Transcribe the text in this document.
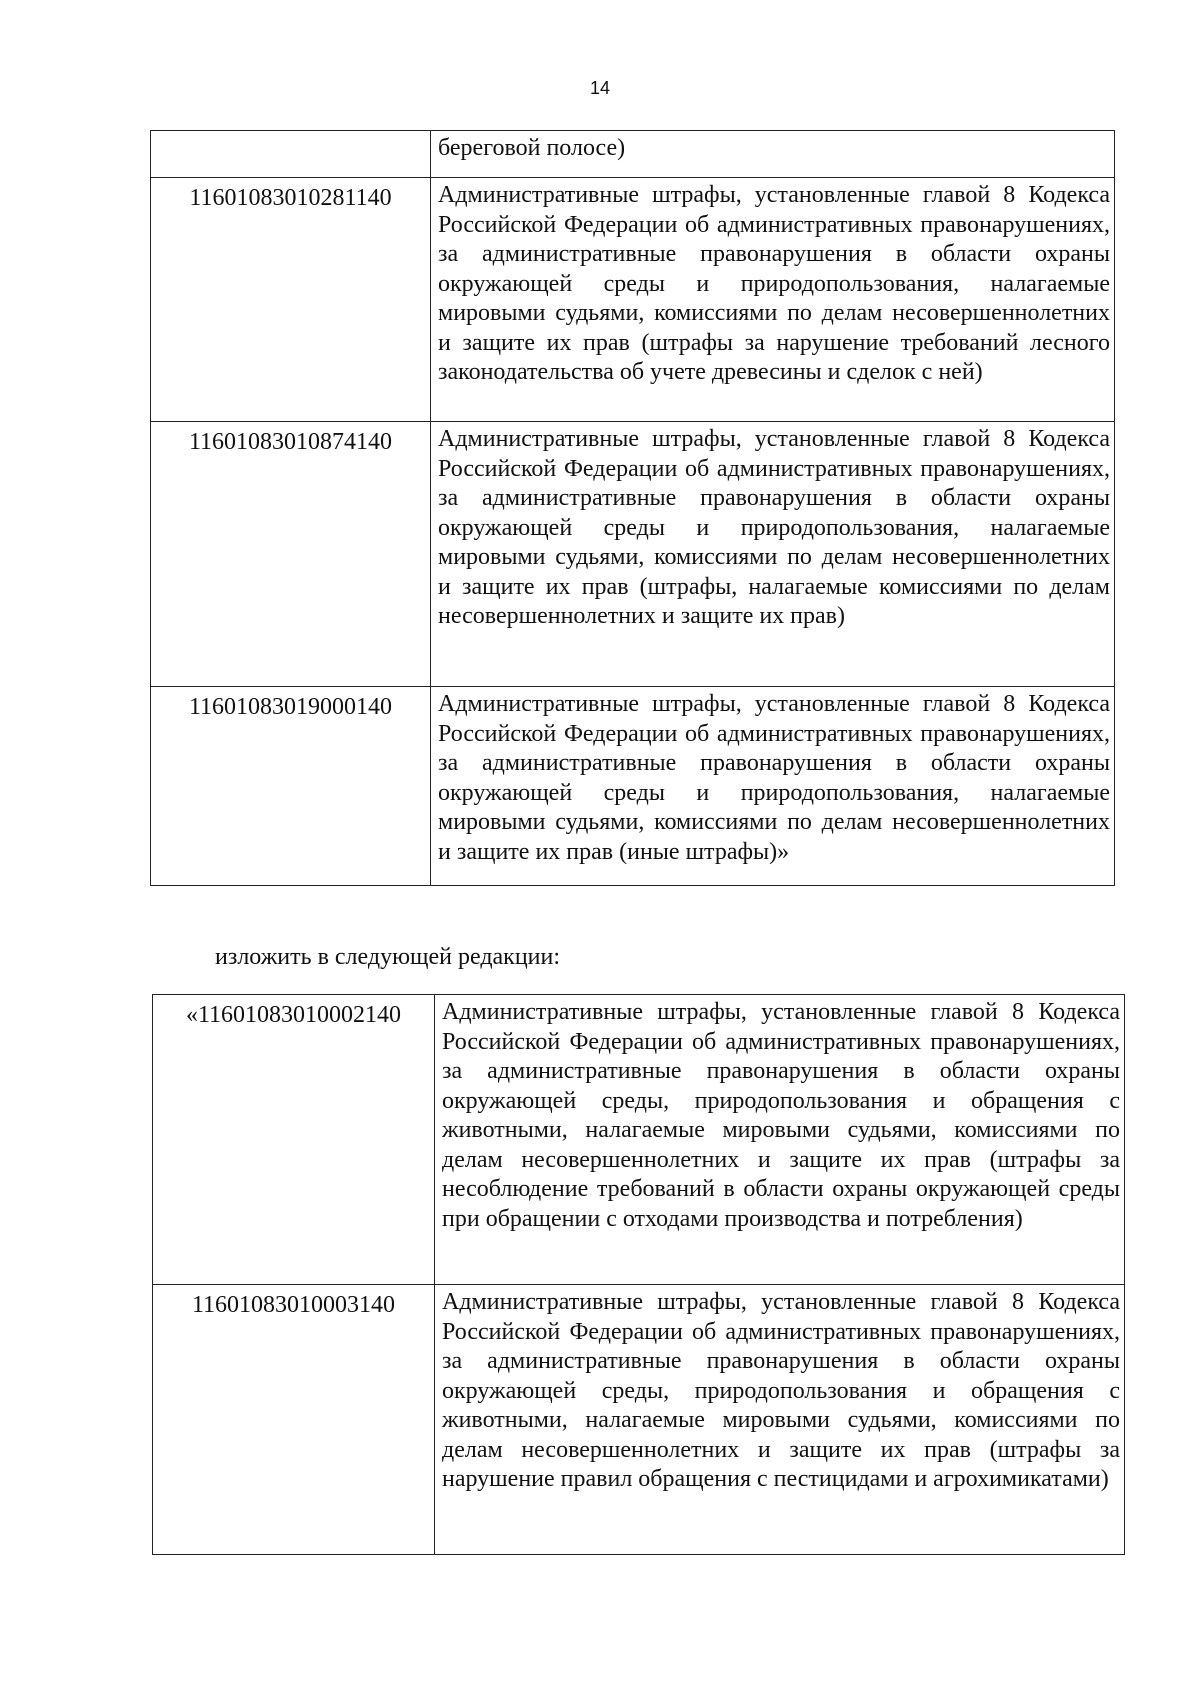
14
	береговой полосе)
11601083010281140	Административные штрафы, установленные главой 8 Кодекса Российской Федерации об административных правонарушениях, за административные правонарушения в области охраны окружающей среды и природопользования, налагаемые мировыми судьями, комиссиями по делам несовершеннолетних и защите их прав (штрафы за нарушение требований лесного законодательства об учете древесины и сделок с ней)
11601083010874140	Административные штрафы, установленные главой 8 Кодекса Российской Федерации об административных правонарушениях, за административные правонарушения в области охраны окружающей среды и природопользования, налагаемые мировыми судьями, комиссиями по делам несовершеннолетних и защите их прав (штрафы, налагаемые комиссиями по делам несовершеннолетних и защите их прав)
11601083019000140	Административные штрафы, установленные главой 8 Кодекса Российской Федерации об административных правонарушениях, за административные правонарушения в области охраны окружающей среды и природопользования, налагаемые мировыми судьями, комиссиями по делам несовершеннолетних и защите их прав (иные штрафы)»
изложить в следующей редакции:
«11601083010002140	Административные штрафы, установленные главой 8 Кодекса Российской Федерации об административных правонарушениях, за административные правонарушения в области охраны окружающей среды, природопользования и обращения с животными, налагаемые мировыми судьями, комиссиями по делам несовершеннолетних и защите их прав (штрафы за несоблюдение требований в области охраны окружающей среды при обращении с отходами производства и потребления)
11601083010003140	Административные штрафы, установленные главой 8 Кодекса Российской Федерации об административных правонарушениях, за административные правонарушения в области охраны окружающей среды, природопользования и обращения с животными, налагаемые мировыми судьями, комиссиями по делам несовершеннолетних и защите их прав (штрафы за нарушение правил обращения с пестицидами и агрохимикатами)
